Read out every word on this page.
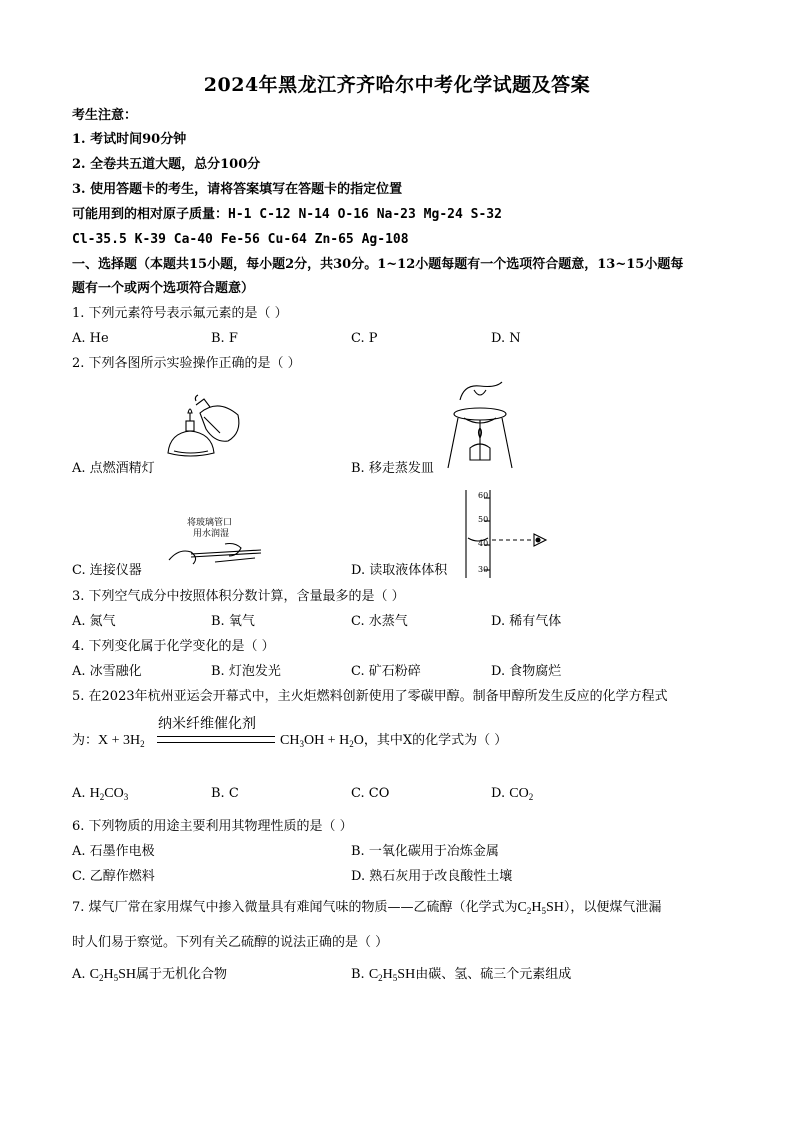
2024年黑龙江齐齐哈尔中考化学试题及答案
考生注意：
1. 考试时间90分钟
2. 全卷共五道大题，总分100分
3. 使用答题卡的考生，请将答案填写在答题卡的指定位置
可能用到的相对原子质量：H-1 C-12 N-14 O-16 Na-23 Mg-24 S-32
Cl-35.5 K-39 Ca-40 Fe-56 Cu-64 Zn-65 Ag-108
一、选择题（本题共15小题，每小题2分，共30分。1~12小题每题有一个选项符合题意，13~15小题每
题有一个或两个选项符合题意）
1. 下列元素符号表示氟元素的是（ ）
A. He	B. F	C. P	D. N
2. 下列各图所示实验操作正确的是（ ）
A. 点燃酒精灯	B. 移走蒸发皿
将玻璃管口
用水润湿
C. 连接仪器
60
50
40
30
D. 读取液体体积
3. 下列空气成分中按照体积分数计算，含量最多的是（ ）
A. 氮气	B. 氧气	C. 水蒸气	D. 稀有气体
4. 下列变化属于化学变化的是（ ）
A. 冰雪融化	B. 灯泡发光	C. 矿石粉碎	D. 食物腐烂
5. 在2023年杭州亚运会开幕式中，主火炬燃料创新使用了零碳甲醇。制备甲醇所发生反应的化学方程式
纳米纤维催化剂
为：$X + 3H_2$	$CH_3OH + H_2O$，其中X的化学式为（ ）
A. $H_2CO_3$	B. C	C. CO	D. $CO_2$
6. 下列物质的用途主要利用其物理性质的是（ ）
A. 石墨作电极	B. 一氧化碳用于冶炼金属
C. 乙醇作燃料	D. 熟石灰用于改良酸性土壤
7. 煤气厂常在家用煤气中掺入微量具有难闻气味的物质——乙硫醇（化学式为$C_2H_5SH$），以便煤气泄漏
时人们易于察觉。下列有关乙硫醇的说法正确的是（ ）
A. $C_2H_5SH$属于无机化合物	B. $C_2H_5SH$由碳、氢、硫三个元素组成
